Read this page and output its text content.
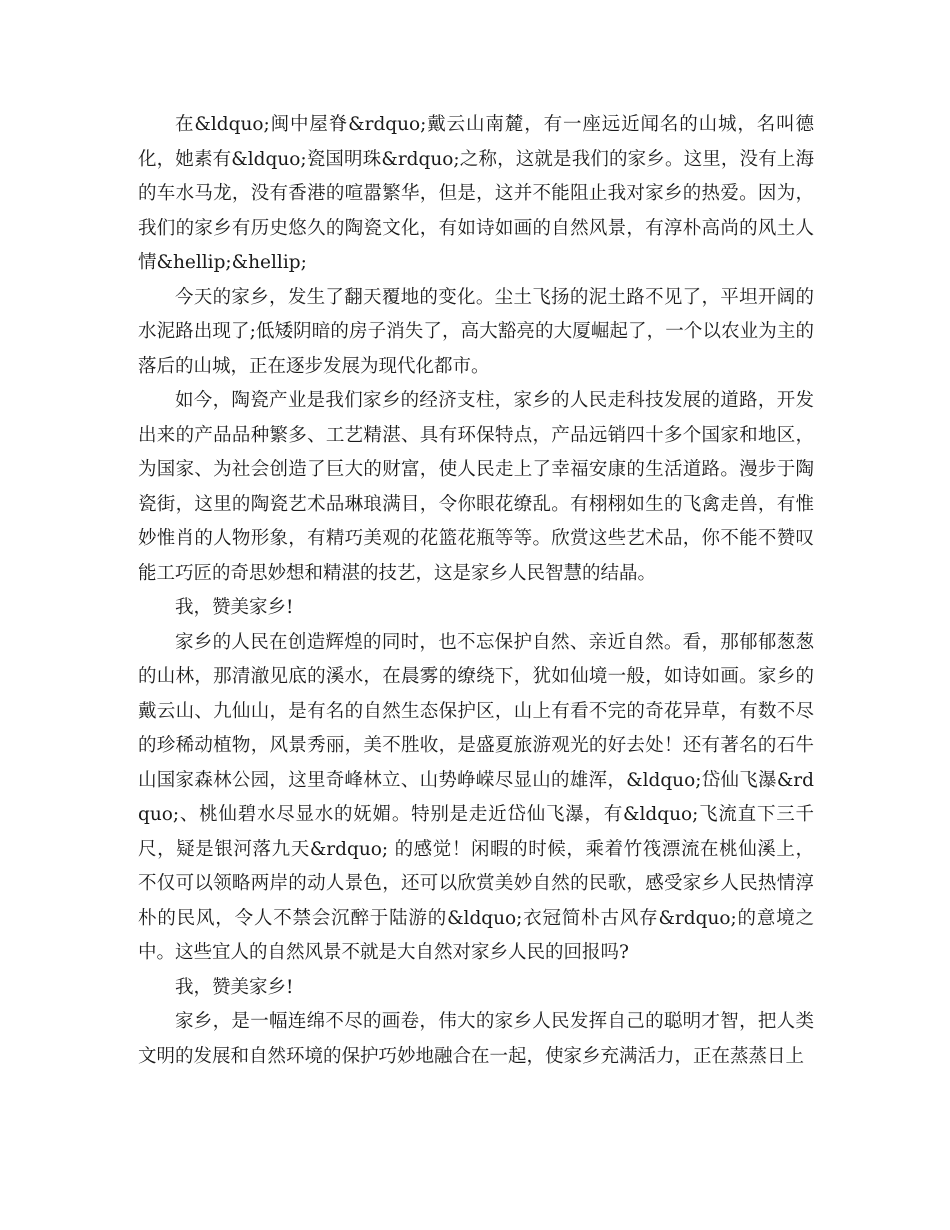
在&ldquo;闽中屋脊&rdquo;戴云山南麓，有一座远近闻名的山城，名叫德化，她素有&ldquo;瓷国明珠&rdquo;之称，这就是我们的家乡。这里，没有上海的车水马龙，没有香港的喧嚣繁华，但是，这并不能阻止我对家乡的热爱。因为，我们的家乡有历史悠久的陶瓷文化，有如诗如画的自然风景，有淳朴高尚的风土人情&hellip;&hellip;

今天的家乡，发生了翻天覆地的变化。尘土飞扬的泥土路不见了，平坦开阔的水泥路出现了;低矮阴暗的房子消失了，高大豁亮的大厦崛起了，一个以农业为主的落后的山城，正在逐步发展为现代化都市。

如今，陶瓷产业是我们家乡的经济支柱，家乡的人民走科技发展的道路，开发出来的产品品种繁多、工艺精湛、具有环保特点，产品远销四十多个国家和地区，为国家、为社会创造了巨大的财富，使人民走上了幸福安康的生活道路。漫步于陶瓷街，这里的陶瓷艺术品琳琅满目，令你眼花缭乱。有栩栩如生的飞禽走兽，有惟妙惟肖的人物形象，有精巧美观的花篮花瓶等等。欣赏这些艺术品，你不能不赞叹能工巧匠的奇思妙想和精湛的技艺，这是家乡人民智慧的结晶。

我，赞美家乡!

家乡的人民在创造辉煌的同时，也不忘保护自然、亲近自然。看，那郁郁葱葱的山林，那清澈见底的溪水，在晨雾的缭绕下，犹如仙境一般，如诗如画。家乡的戴云山、九仙山，是有名的自然生态保护区，山上有看不完的奇花异草，有数不尽的珍稀动植物，风景秀丽，美不胜收，是盛夏旅游观光的好去处！还有著名的石牛山国家森林公园，这里奇峰林立、山势峥嵘尽显山的雄浑，&ldquo;岱仙飞瀑&rdquo;、桃仙碧水尽显水的妩媚。特别是走近岱仙飞瀑，有&ldquo;飞流直下三千尺，疑是银河落九天&rdquo; 的感觉！闲暇的时候，乘着竹筏漂流在桃仙溪上，不仅可以领略两岸的动人景色，还可以欣赏美妙自然的民歌，感受家乡人民热情淳朴的民风，令人不禁会沉醉于陆游的&ldquo;衣冠简朴古风存&rdquo;的意境之中。这些宜人的自然风景不就是大自然对家乡人民的回报吗?

我，赞美家乡!

家乡，是一幅连绵不尽的画卷，伟大的家乡人民发挥自己的聪明才智，把人类文明的发展和自然环境的保护巧妙地融合在一起，使家乡充满活力，正在蒸蒸日上
